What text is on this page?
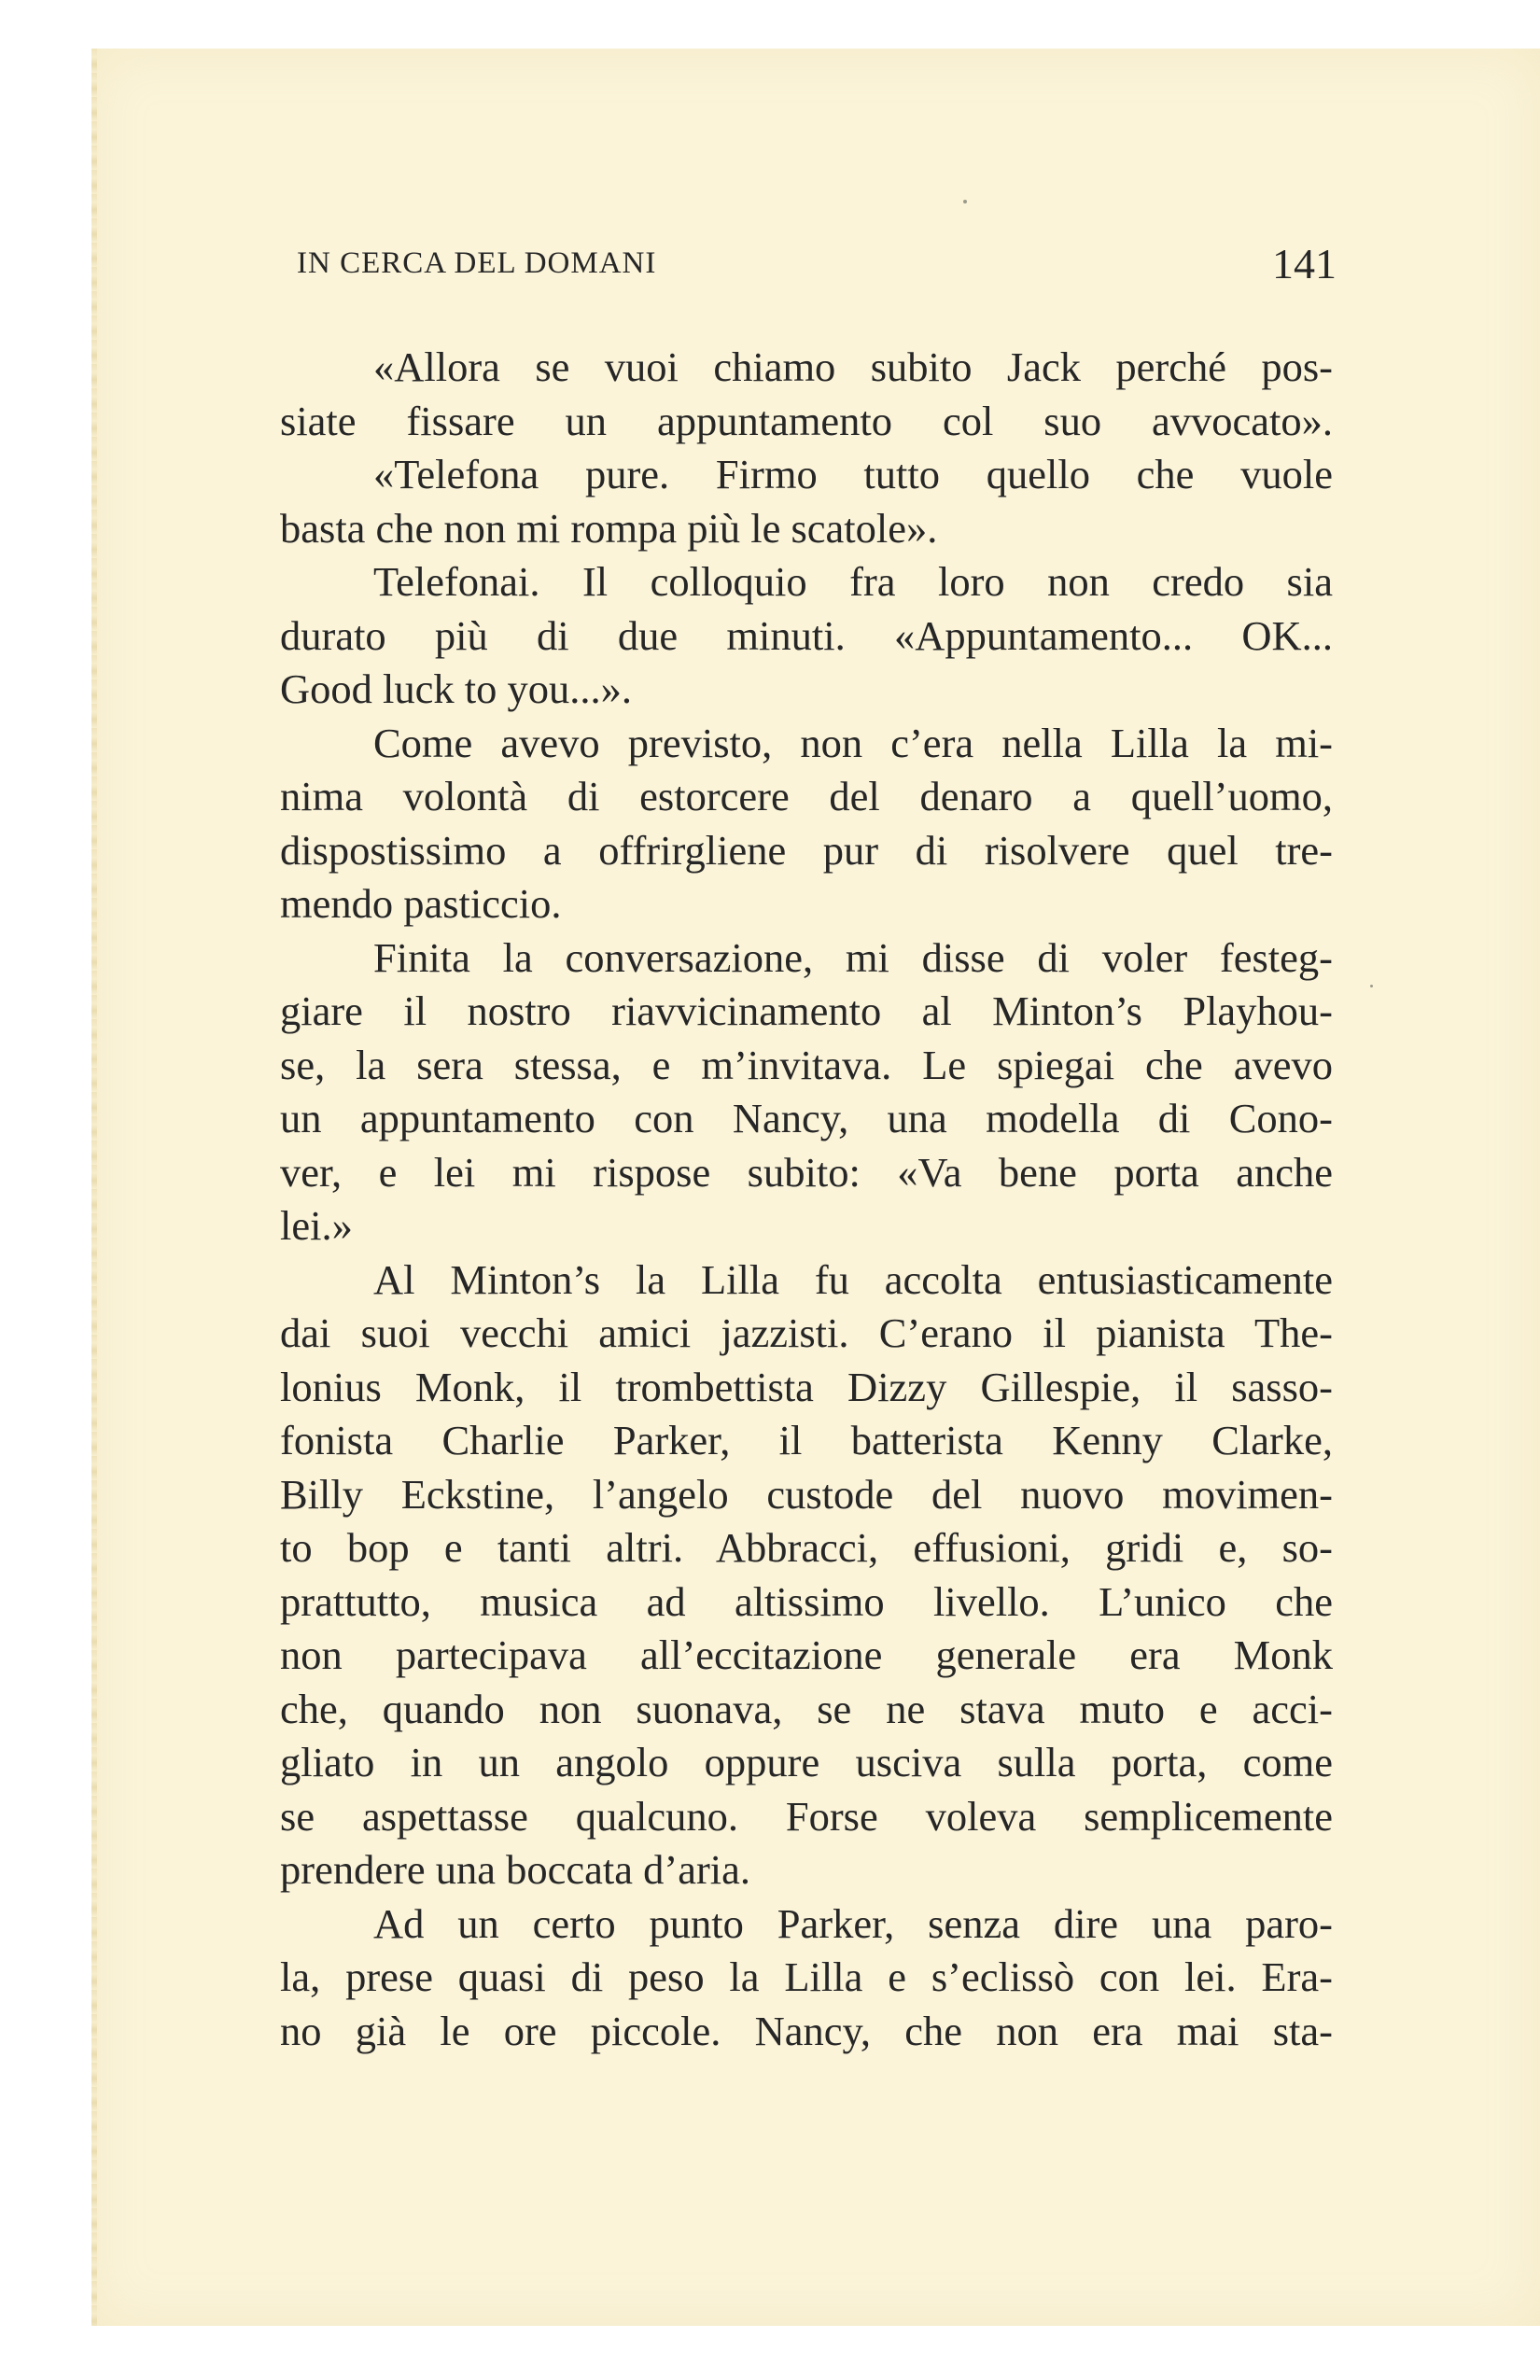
IN CERCA DEL DOMANI	141
«Allora se vuoi chiamo subito Jack perché pos-
siate fissare un appuntamento col suo avvocato».
«Telefona pure. Firmo tutto quello che vuole
basta che non mi rompa più le scatole».
Telefonai. Il colloquio fra loro non credo sia
durato più di due minuti. «Appuntamento... OK...
Good luck to you...».
Come avevo previsto, non c’era nella Lilla la mi-
nima volontà di estorcere del denaro a quell’uomo,
dispostissimo a offrirgliene pur di risolvere quel tre-
mendo pasticcio.
Finita la conversazione, mi disse di voler festeg-
giare il nostro riavvicinamento al Minton’s Playhou-
se, la sera stessa, e m’invitava. Le spiegai che avevo
un appuntamento con Nancy, una modella di Cono-
ver, e lei mi rispose subito: «Va bene porta anche
lei.»
Al Minton’s la Lilla fu accolta entusiasticamente
dai suoi vecchi amici jazzisti. C’erano il pianista The-
lonius Monk, il trombettista Dizzy Gillespie, il sasso-
fonista Charlie Parker, il batterista Kenny Clarke,
Billy Eckstine, l’angelo custode del nuovo movimen-
to bop e tanti altri. Abbracci, effusioni, gridi e, so-
prattutto, musica ad altissimo livello. L’unico che
non partecipava all’eccitazione generale era Monk
che, quando non suonava, se ne stava muto e acci-
gliato in un angolo oppure usciva sulla porta, come
se aspettasse qualcuno. Forse voleva semplicemente
prendere una boccata d’aria.
Ad un certo punto Parker, senza dire una paro-
la, prese quasi di peso la Lilla e s’eclissò con lei. Era-
no già le ore piccole. Nancy, che non era mai sta-
